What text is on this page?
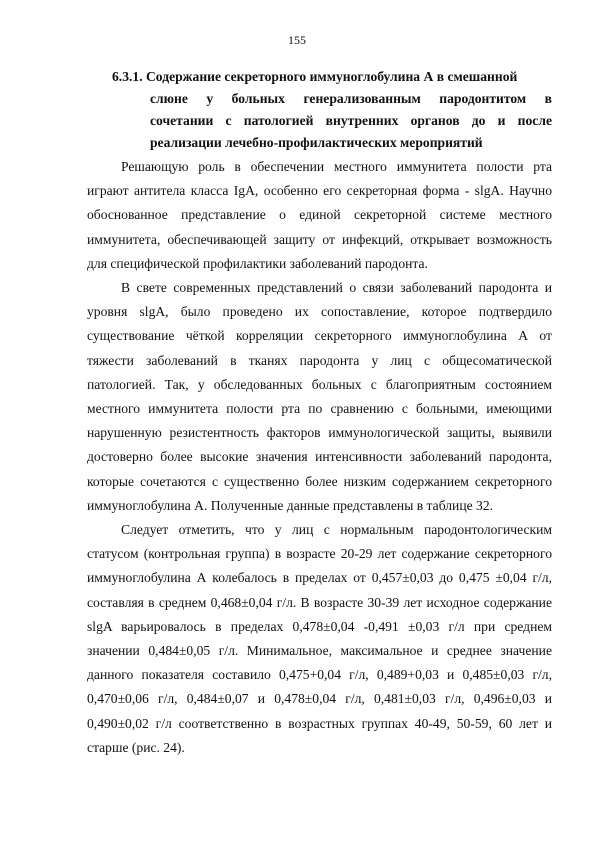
155
6.3.1. Содержание секреторного иммуноглобулина А в смешанной
слюне у больных генерализованным пародонтитом в
сочетании с патологией внутренних органов до и после
реализации лечебно-профилактических мероприятий
Решающую роль в обеспечении местного иммунитета полости рта
играют антитела класса IgA, особенно его секреторная форма - slgA. Научно
обоснованное представление о единой секреторной системе местного
иммунитета, обеспечивающей защиту от инфекций, открывает возможность
для специфической профилактики заболеваний пародонта.
В свете современных представлений о связи заболеваний пародонта и
уровня slgA, было проведено их сопоставление, которое подтвердило
существование чёткой корреляции секреторного иммуноглобулина А от
тяжести заболеваний в тканях пародонта у лиц с общесоматической
патологией. Так, у обследованных больных с благоприятным состоянием
местного иммунитета полости рта по сравнению с больными, имеющими
нарушенную резистентность факторов иммунологической защиты, выявили
достоверно более высокие значения интенсивности заболеваний пародонта,
которые сочетаются с существенно более низким содержанием секреторного
иммуноглобулина А. Полученные данные представлены в таблице 32.
Следует отметить, что у лиц с нормальным пародонтологическим
статусом (контрольная группа) в возрасте 20-29 лет содержание секреторного
иммуноглобулина А колебалось в пределах от 0,457±0,03 до 0,475 ±0,04 г/л,
составляя в среднем 0,468±0,04 г/л. В возрасте 30-39 лет исходное содержание
slgA варьировалось в пределах 0,478±0,04 -0,491 ±0,03 г/л при среднем
значении 0,484±0,05 г/л. Минимальное, максимальное и среднее значение
данного показателя составило 0,475+0,04 г/л, 0,489+0,03 и 0,485±0,03 г/л,
0,470±0,06 г/л, 0,484±0,07 и 0,478±0,04 г/л, 0,481±0,03 г/л, 0,496±0,03 и
0,490±0,02 г/л соответственно в возрастных группах 40-49, 50-59, 60 лет и
старше (рис. 24).
